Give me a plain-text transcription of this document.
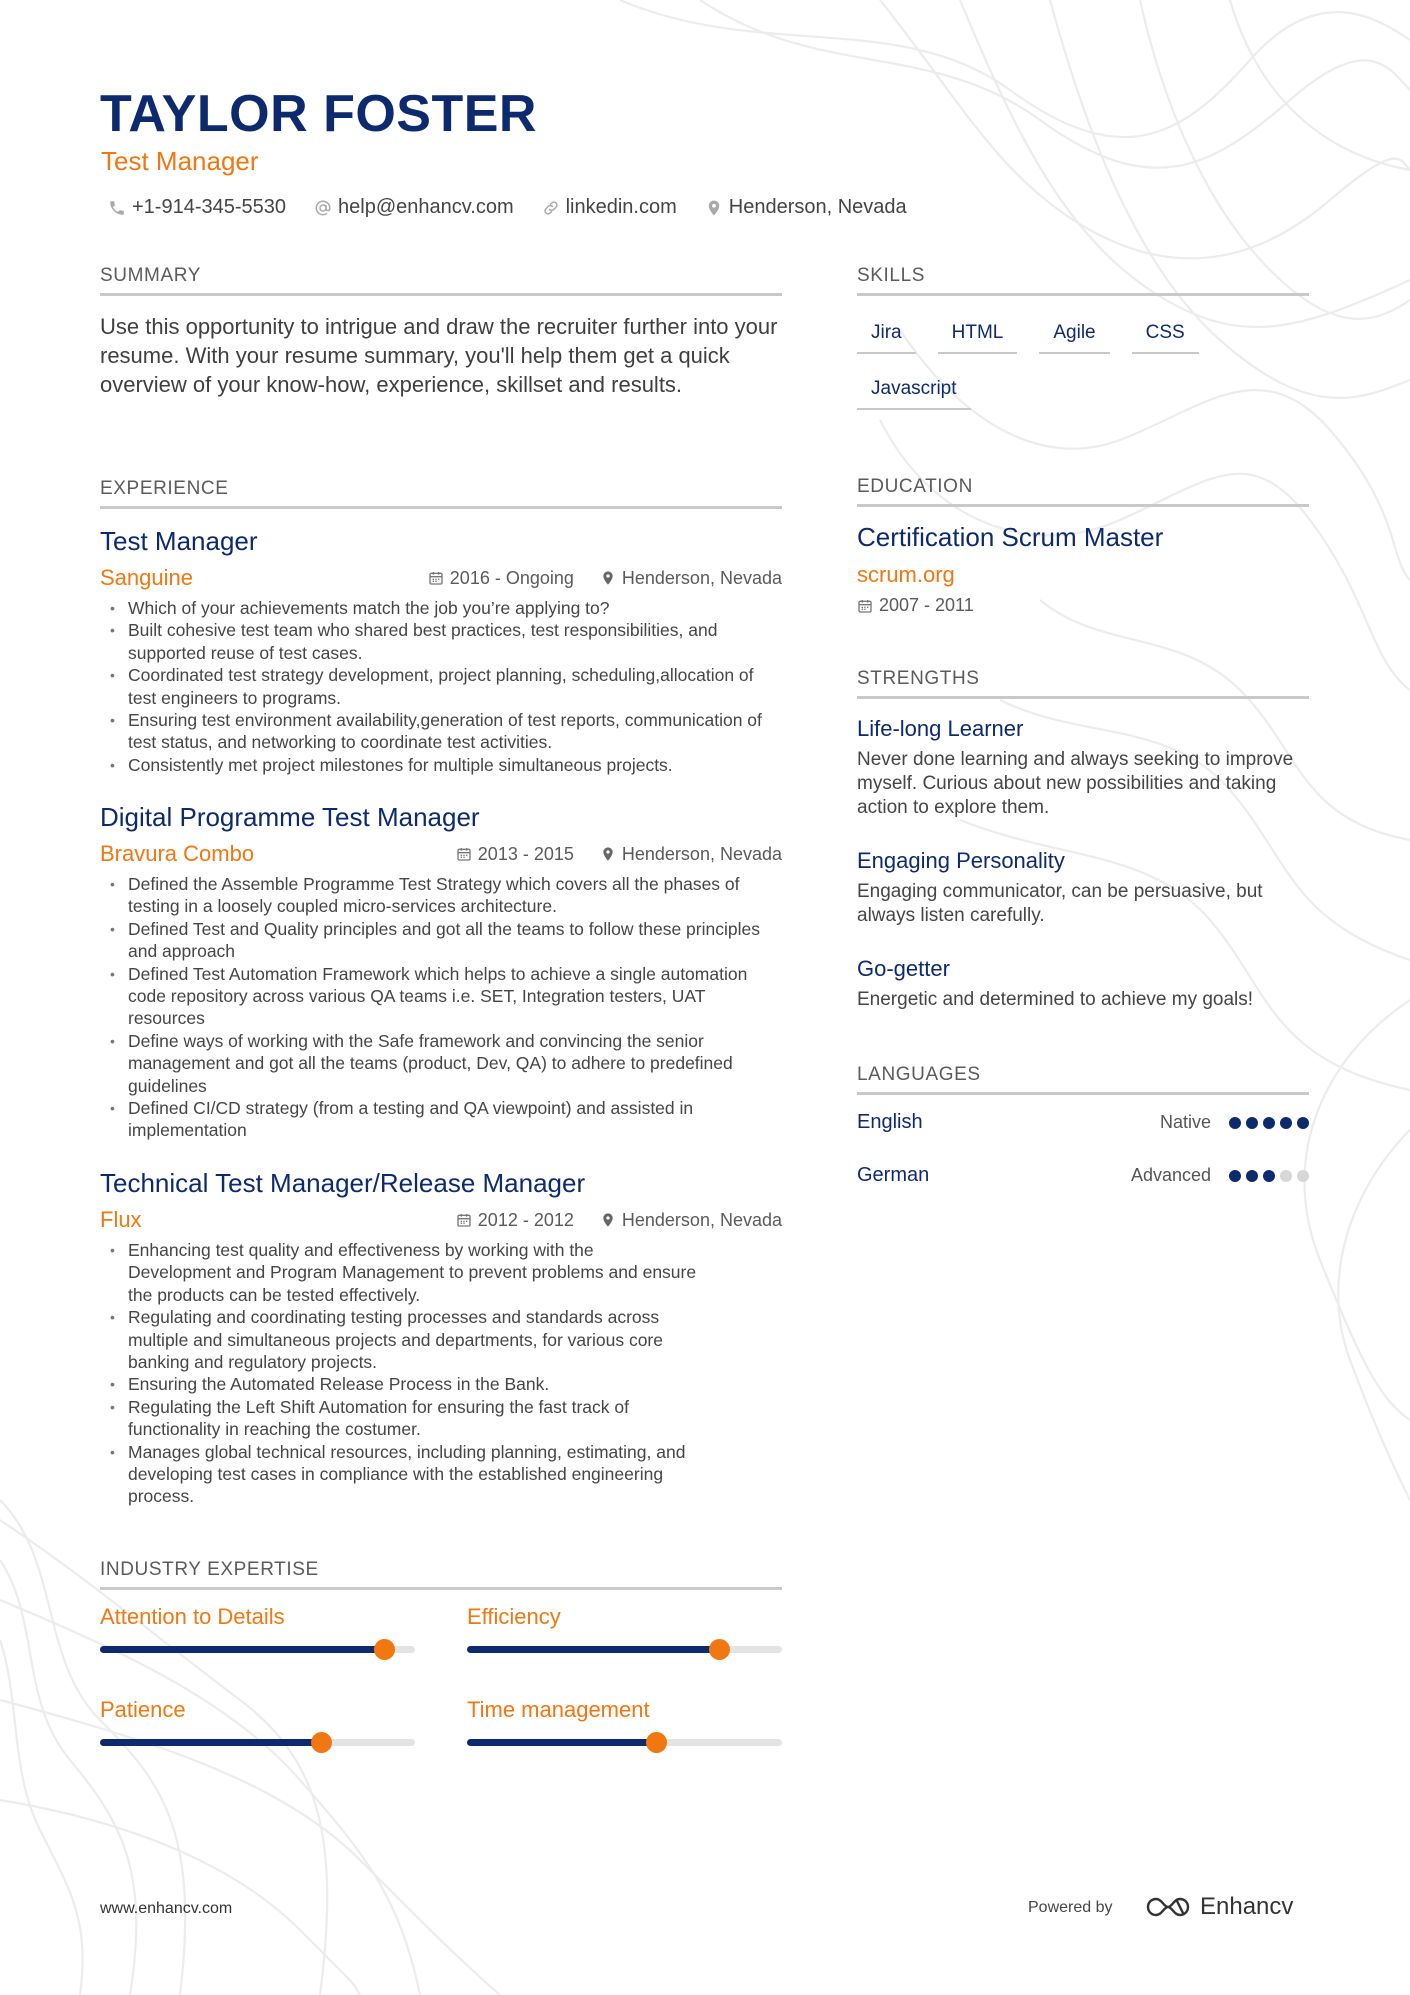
TAYLOR FOSTER
Test Manager
+1-914-345-5530	help@enhancv.com	linkedin.com	Henderson, Nevada
SUMMARY
Use this opportunity to intrigue and draw the recruiter further into your resume. With your resume summary, you'll help them get a quick overview of your know-how, experience, skillset and results.
EXPERIENCE
Test Manager
Sanguine	2016 - Ongoing	Henderson, Nevada
• Which of your achievements match the job you’re applying to?
• Built cohesive test team who shared best practices, test responsibilities, and supported reuse of test cases.
• Coordinated test strategy development, project planning, scheduling,allocation of test engineers to programs.
• Ensuring test environment availability,generation of test reports, communication of test status, and networking to coordinate test activities.
• Consistently met project milestones for multiple simultaneous projects.
Digital Programme Test Manager
Bravura Combo	2013 - 2015	Henderson, Nevada
• Defined the Assemble Programme Test Strategy which covers all the phases of testing in a loosely coupled micro-services architecture.
• Defined Test and Quality principles and got all the teams to follow these principles and approach
• Defined Test Automation Framework which helps to achieve a single automation code repository across various QA teams i.e. SET, Integration testers, UAT resources
• Define ways of working with the Safe framework and convincing the senior management and got all the teams (product, Dev, QA) to adhere to predefined guidelines
• Defined CI/CD strategy (from a testing and QA viewpoint) and assisted in implementation
Technical Test Manager/Release Manager
Flux	2012 - 2012	Henderson, Nevada
• Enhancing test quality and effectiveness by working with the Development and Program Management to prevent problems and ensure the products can be tested effectively.
• Regulating and coordinating testing processes and standards across multiple and simultaneous projects and departments, for various core banking and regulatory projects.
• Ensuring the Automated Release Process in the Bank.
• Regulating the Left Shift Automation for ensuring the fast track of functionality in reaching the costumer.
• Manages global technical resources, including planning, estimating, and developing test cases in compliance with the established engineering process.
INDUSTRY EXPERTISE
Attention to Details	Efficiency
Patience	Time management
SKILLS
Jira	HTML	Agile	CSS
Javascript
EDUCATION
Certification Scrum Master
scrum.org
2007 - 2011
STRENGTHS
Life-long Learner
Never done learning and always seeking to improve myself. Curious about new possibilities and taking action to explore them.
Engaging Personality
Engaging communicator, can be persuasive, but always listen carefully.
Go-getter
Energetic and determined to achieve my goals!
LANGUAGES
English	Native
German	Advanced
www.enhancv.com	Powered by	Enhancv
